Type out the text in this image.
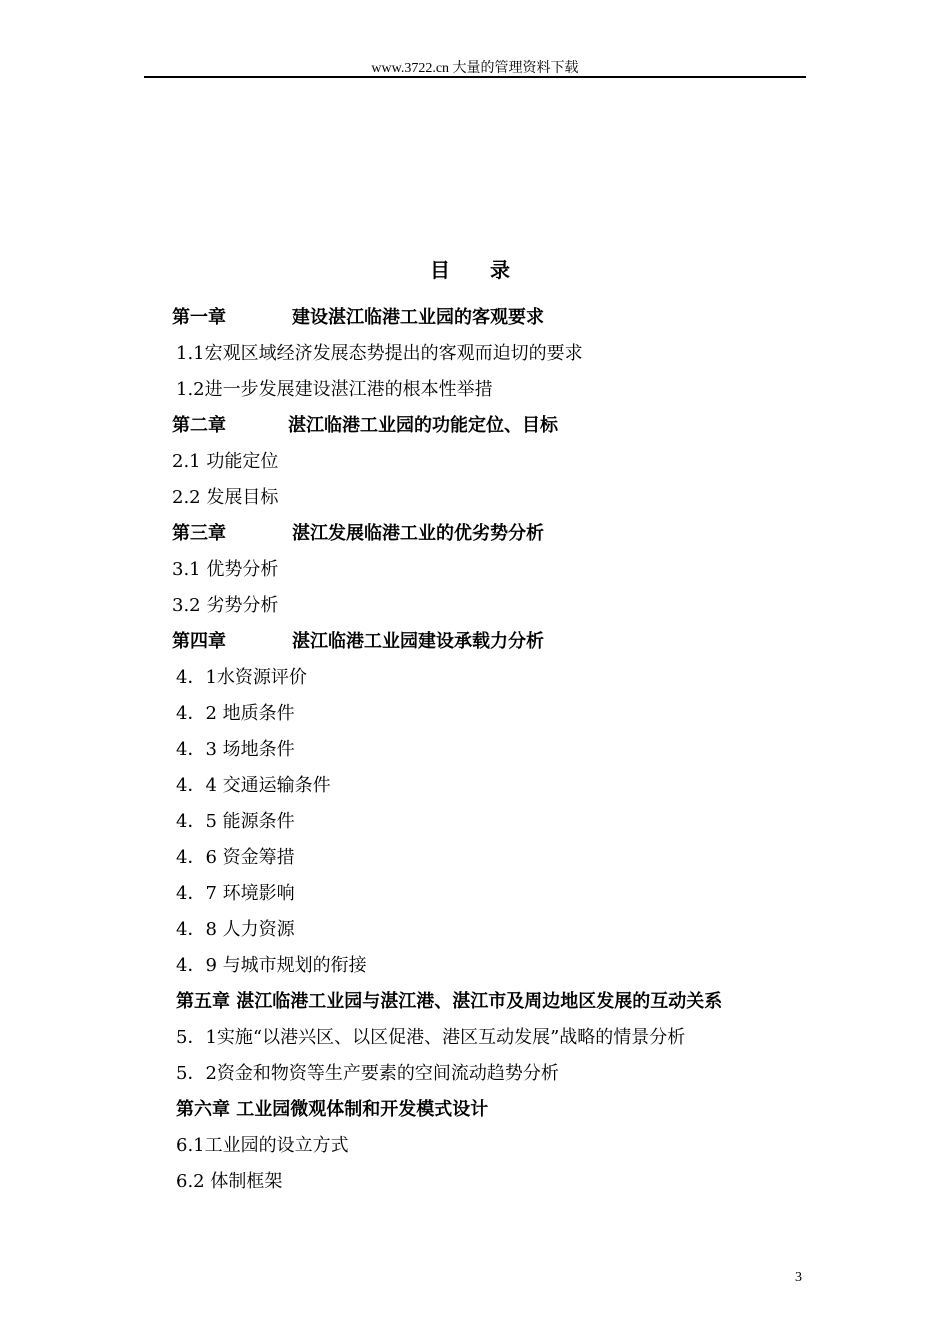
www.3722.cn 大量的管理资料下载
目录
第一章	建设湛江临港工业园的客观要求
1.1宏观区域经济发展态势提出的客观而迫切的要求
1.2进一步发展建设湛江港的根本性举措
第二章	湛江临港工业园的功能定位、目标
2.1 功能定位
2.2 发展目标
第三章	湛江发展临港工业的优劣势分析
3.1 优势分析
3.2 劣势分析
第四章	湛江临港工业园建设承载力分析
4．1水资源评价
4．2 地质条件
4．3 场地条件
4．4 交通运输条件
4．5 能源条件
4．6 资金筹措
4．7 环境影响
4．8 人力资源
4．9 与城市规划的衔接
第五章 湛江临港工业园与湛江港、湛江市及周边地区发展的互动关系
5．1实施“以港兴区、以区促港、港区互动发展”战略的情景分析
5．2资金和物资等生产要素的空间流动趋势分析
第六章 工业园微观体制和开发模式设计
6.1工业园的设立方式
6.2 体制框架
3
